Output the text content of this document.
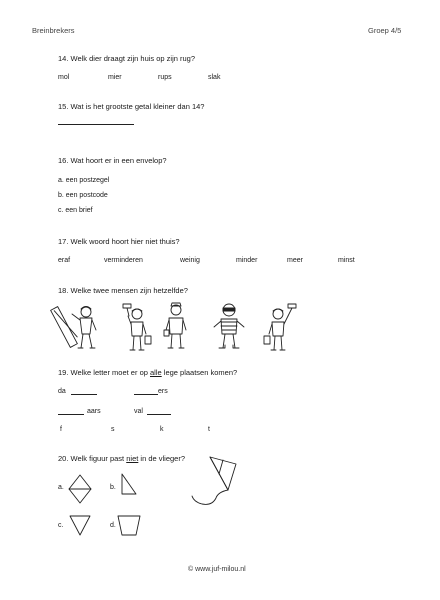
Breinbrekers	Groep 4/5
14. Welk dier draagt zijn huis op zijn rug?
mol	mier	rups	slak
15. Wat is het grootste getal kleiner dan 14?
16. Wat hoort er in een envelop?
a. een postzegel
b. een postcode
c. een brief
17. Welk woord hoort hier niet thuis?
eraf	verminderen	weinig	minder	meer	minst
18. Welke twee mensen zijn hetzelfde?
19. Welke letter moet er op alle lege plaatsen komen?
da	ers
aars	val
f	s	k	t
20. Welk figuur past niet in de vlieger?
a.	b.
c.	d.
© www.juf-milou.nl
